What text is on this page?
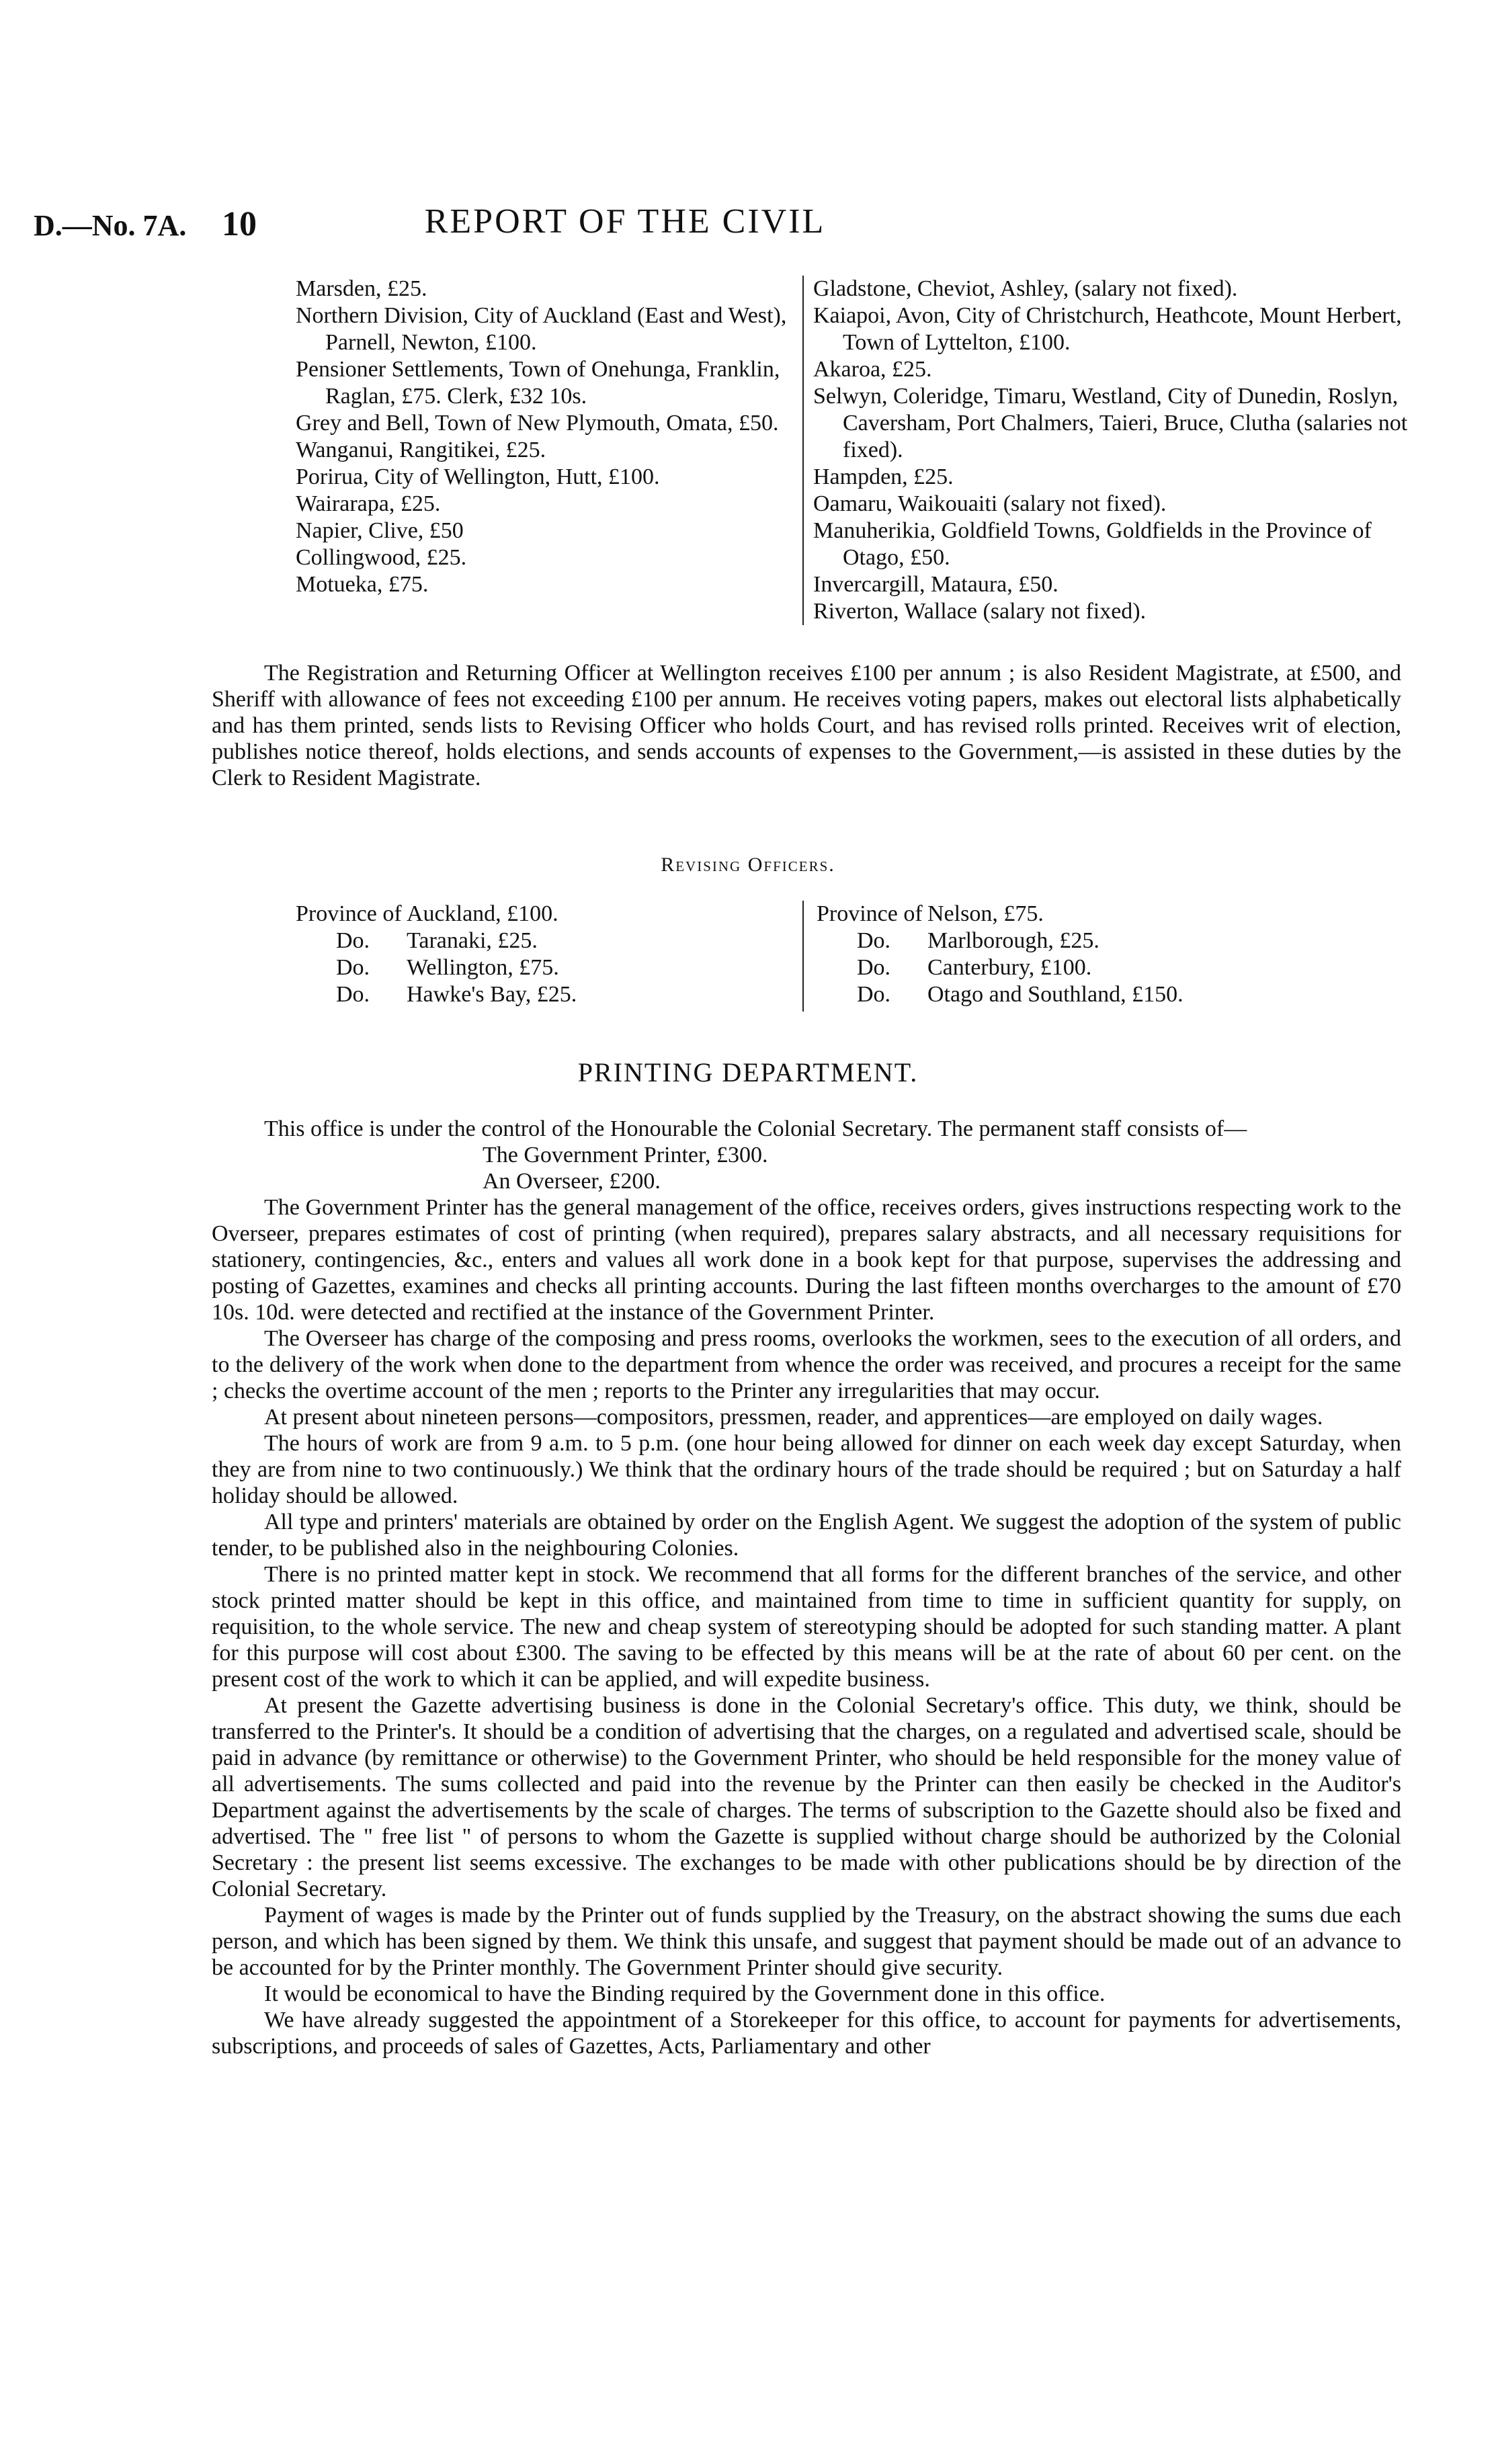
D.—No. 7A. 10	REPORT OF THE CIVIL

Marsden, £25.

Northern Division, City of Auckland (East and West), Parnell, Newton, £100.

Pensioner Settlements, Town of Onehunga, Franklin, Raglan, £75. Clerk, £32 10s.

Grey and Bell, Town of New Plymouth, Omata, £50.

Wanganui, Rangitikei, £25.

Porirua, City of Wellington, Hutt, £100.

Wairarapa, £25.

Napier, Clive, £50

Collingwood, £25.

Motueka, £75.

Gladstone, Cheviot, Ashley, (salary not fixed).

Kaiapoi, Avon, City of Christchurch, Heathcote, Mount Herbert, Town of Lyttelton, £100.

Akaroa, £25.

Selwyn, Coleridge, Timaru, Westland, City of Dunedin, Roslyn, Caversham, Port Chalmers, Taieri, Bruce, Clutha (salaries not fixed).

Hampden, £25.

Oamaru, Waikouaiti (salary not fixed).

Manuherikia, Goldfield Towns, Goldfields in the Province of Otago, £50.

Invercargill, Mataura, £50.

Riverton, Wallace (salary not fixed).

The Registration and Returning Officer at Wellington receives £100 per annum ; is also Resident Magistrate, at £500, and Sheriff with allowance of fees not exceeding £100 per annum. He receives voting papers, makes out electoral lists alphabetically and has them printed, sends lists to Revising Officer who holds Court, and has revised rolls printed. Receives writ of election, publishes notice thereof, holds elections, and sends accounts of expenses to the Government,—is assisted in these duties by the Clerk to Resident Magistrate.

Revising Officers.
Province of Auckland, £100.
Do.	Taranaki, £25.
Do.	Wellington, £75.
Do.	Hawke's Bay, £25.
Province of Nelson, £75.
Do.	Marlborough, £25.
Do.	Canterbury, £100.
Do.	Otago and Southland, £150.
PRINTING DEPARTMENT.

This office is under the control of the Honourable the Colonial Secretary. The permanent staff consists of—

The Government Printer, £300.

An Overseer, £200.

The Government Printer has the general management of the office, receives orders, gives instructions respecting work to the Overseer, prepares estimates of cost of printing (when required), prepares salary abstracts, and all necessary requisitions for stationery, contingencies, &c., enters and values all work done in a book kept for that purpose, supervises the addressing and posting of Gazettes, examines and checks all printing accounts. During the last fifteen months overcharges to the amount of £70 10s. 10d. were detected and rectified at the instance of the Government Printer.

The Overseer has charge of the composing and press rooms, overlooks the workmen, sees to the execution of all orders, and to the delivery of the work when done to the department from whence the order was received, and procures a receipt for the same ; checks the overtime account of the men ; reports to the Printer any irregularities that may occur.

At present about nineteen persons—compositors, pressmen, reader, and apprentices—are employed on daily wages.

The hours of work are from 9 a.m. to 5 p.m. (one hour being allowed for dinner on each week day except Saturday, when they are from nine to two continuously.) We think that the ordinary hours of the trade should be required ; but on Saturday a half holiday should be allowed.

All type and printers' materials are obtained by order on the English Agent. We suggest the adoption of the system of public tender, to be published also in the neighbouring Colonies.

There is no printed matter kept in stock. We recommend that all forms for the different branches of the service, and other stock printed matter should be kept in this office, and maintained from time to time in sufficient quantity for supply, on requisition, to the whole service. The new and cheap system of stereotyping should be adopted for such standing matter. A plant for this purpose will cost about £300. The saving to be effected by this means will be at the rate of about 60 per cent. on the present cost of the work to which it can be applied, and will expedite business.

At present the Gazette advertising business is done in the Colonial Secretary's office. This duty, we think, should be transferred to the Printer's. It should be a condition of advertising that the charges, on a regulated and advertised scale, should be paid in advance (by remittance or otherwise) to the Government Printer, who should be held responsible for the money value of all advertisements. The sums collected and paid into the revenue by the Printer can then easily be checked in the Auditor's Department against the advertisements by the scale of charges. The terms of subscription to the Gazette should also be fixed and advertised. The " free list " of persons to whom the Gazette is supplied without charge should be authorized by the Colonial Secretary : the present list seems excessive. The exchanges to be made with other publications should be by direction of the Colonial Secretary.

Payment of wages is made by the Printer out of funds supplied by the Treasury, on the abstract showing the sums due each person, and which has been signed by them. We think this unsafe, and suggest that payment should be made out of an advance to be accounted for by the Printer monthly. The Government Printer should give security.

It would be economical to have the Binding required by the Government done in this office.

We have already suggested the appointment of a Storekeeper for this office, to account for payments for advertisements, subscriptions, and proceeds of sales of Gazettes, Acts, Parliamentary and other
